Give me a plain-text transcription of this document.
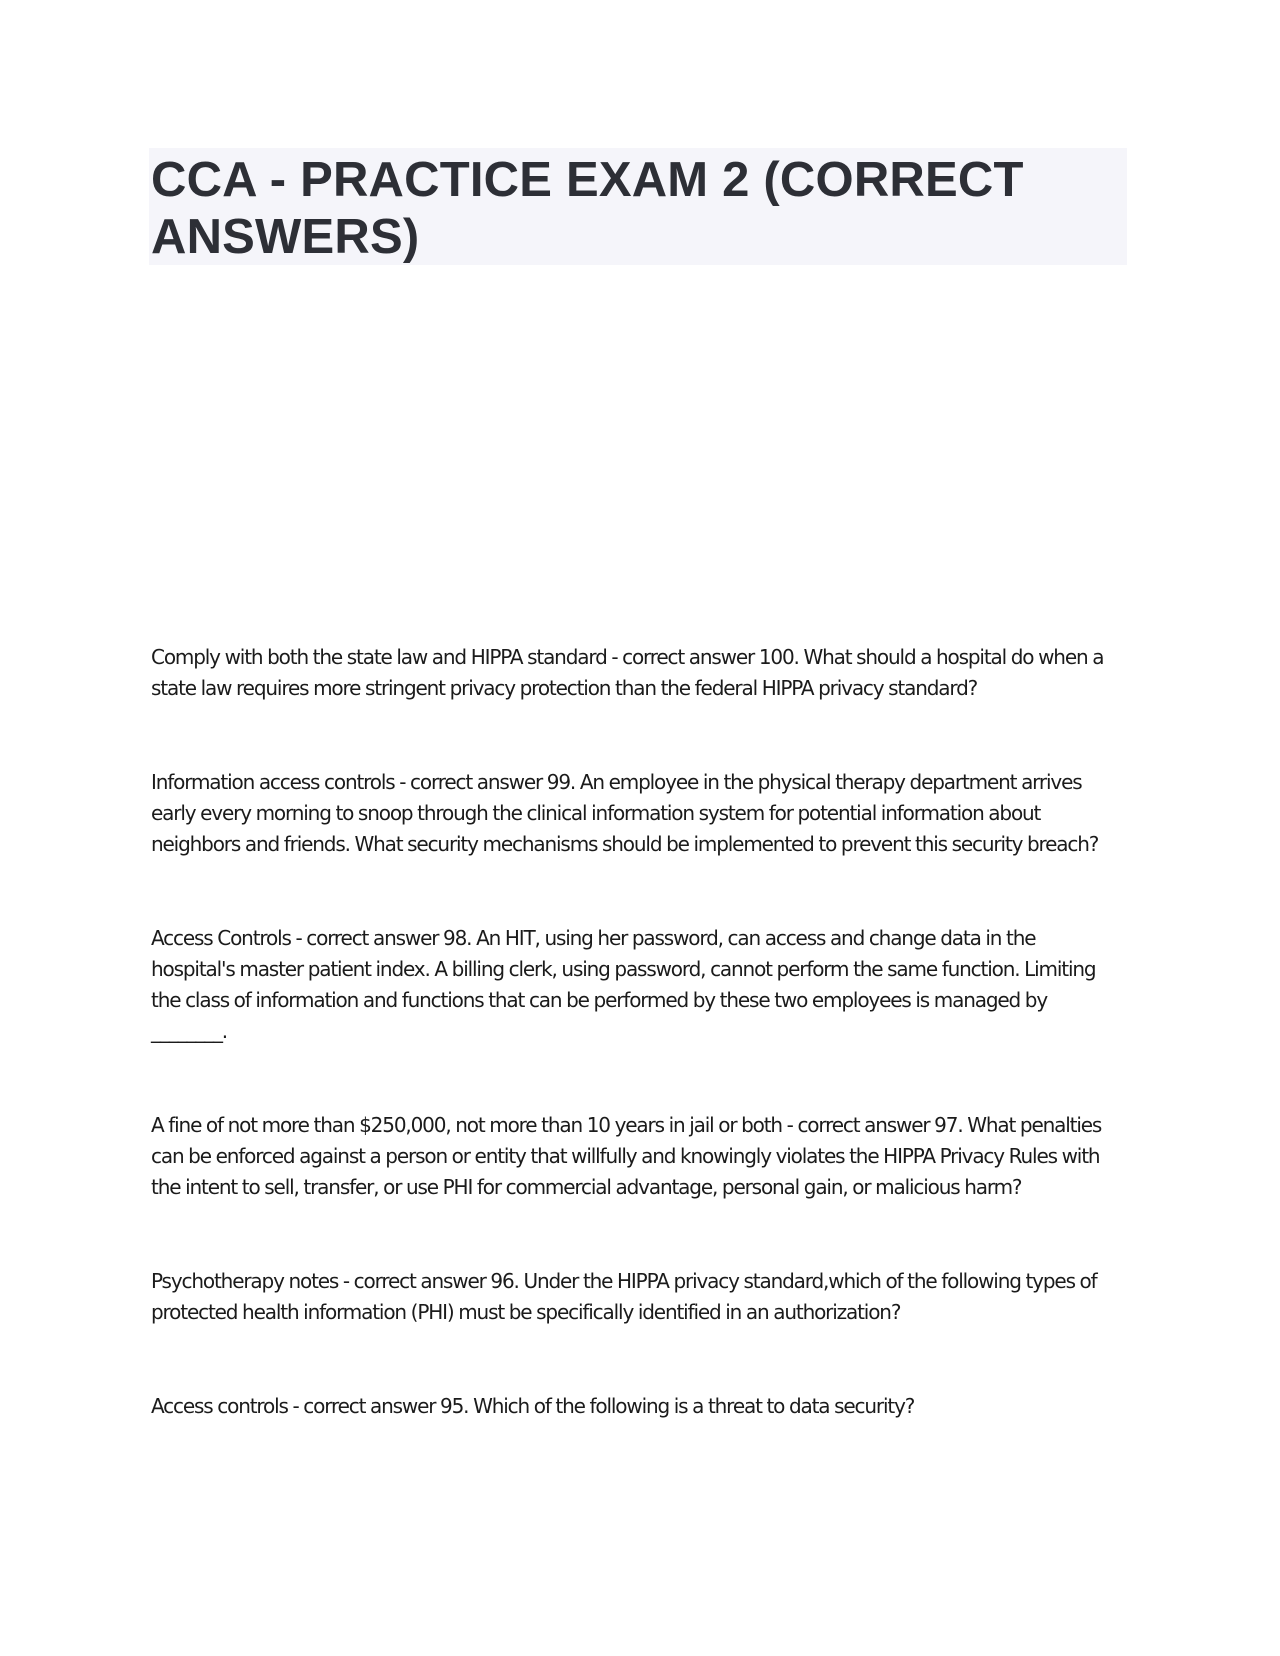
CCA - PRACTICE EXAM 2 (CORRECT ANSWERS)

Comply with both the state law and HIPPA standard - correct answer 100. What should a hospital do when a state law requires more stringent privacy protection than the federal HIPPA privacy standard?

Information access controls - correct answer 99. An employee in the physical therapy department arrives early every morning to snoop through the clinical information system for potential information about neighbors and friends. What security mechanisms should be implemented to prevent this security breach?

Access Controls - correct answer 98. An HIT, using her password, can access and change data in the hospital's master patient index. A billing clerk, using password, cannot perform the same function. Limiting the class of information and functions that can be performed by these two employees is managed by ________.

A fine of not more than $250,000, not more than 10 years in jail or both - correct answer 97. What penalties can be enforced against a person or entity that willfully and knowingly violates the HIPPA Privacy Rules with the intent to sell, transfer, or use PHI for commercial advantage, personal gain, or malicious harm?

Psychotherapy notes - correct answer 96. Under the HIPPA privacy standard,which of the following types of protected health information (PHI) must be specifically identified in an authorization?

Access controls - correct answer 95. Which of the following is a threat to data security?
